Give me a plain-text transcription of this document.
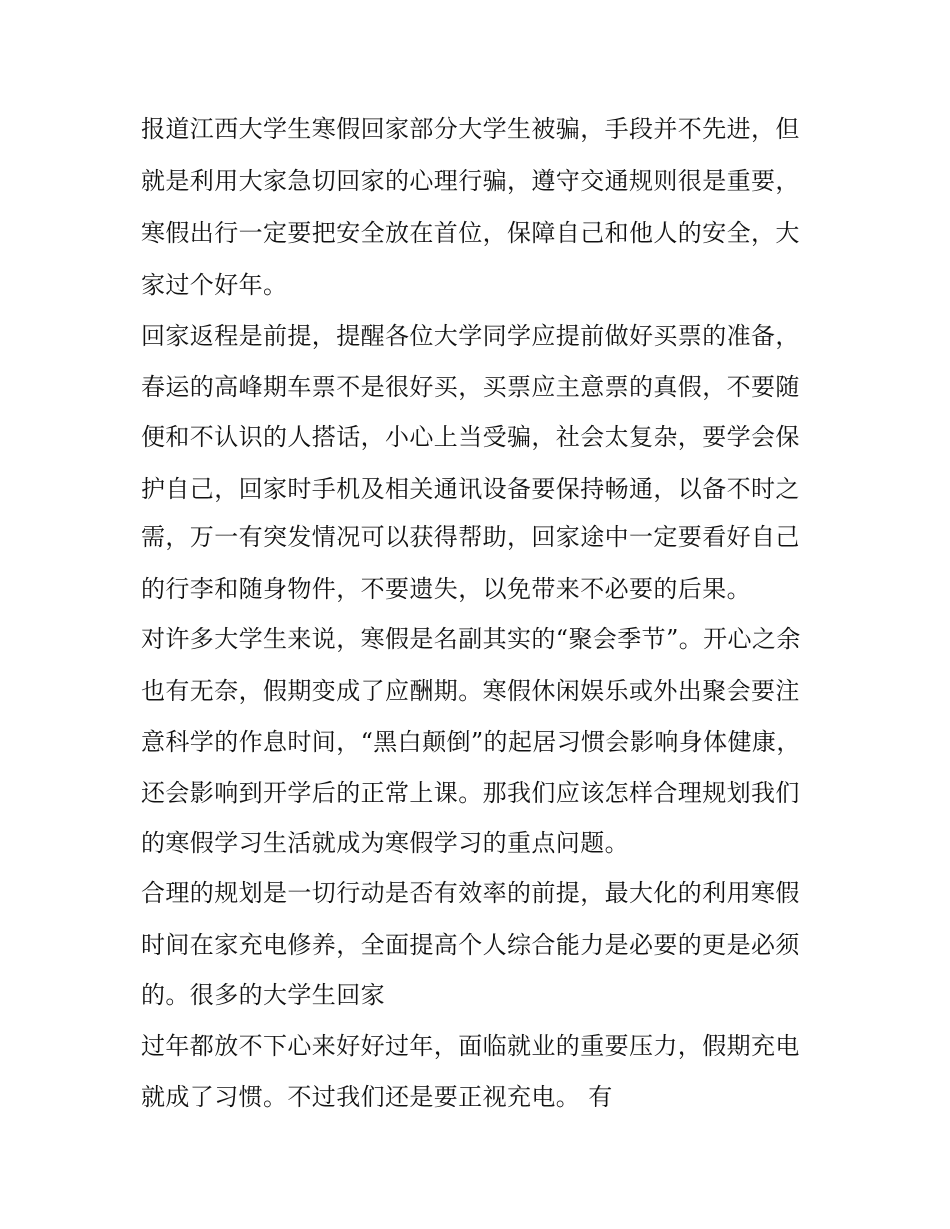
报道江西大学生寒假回家部分大学生被骗，手段并不先进，但
就是利用大家急切回家的心理行骗，遵守交通规则很是重要，
寒假出行一定要把安全放在首位，保障自己和他人的安全，大
家过个好年。
回家返程是前提，提醒各位大学同学应提前做好买票的准备，
春运的高峰期车票不是很好买，买票应主意票的真假，不要随
便和不认识的人搭话，小心上当受骗，社会太复杂，要学会保
护自己，回家时手机及相关通讯设备要保持畅通，以备不时之
需，万一有突发情况可以获得帮助，回家途中一定要看好自己
的行李和随身物件，不要遗失，以免带来不必要的后果。
对许多大学生来说，寒假是名副其实的“聚会季节”。开心之余
也有无奈，假期变成了应酬期。寒假休闲娱乐或外出聚会要注
意科学的作息时间，“黑白颠倒”的起居习惯会影响身体健康，
还会影响到开学后的正常上课。那我们应该怎样合理规划我们
的寒假学习生活就成为寒假学习的重点问题。
合理的规划是一切行动是否有效率的前提，最大化的利用寒假
时间在家充电修养，全面提高个人综合能力是必要的更是必须
的。很多的大学生回家
过年都放不下心来好好过年，面临就业的重要压力，假期充电
就成了习惯。不过我们还是要正视充电。 有
